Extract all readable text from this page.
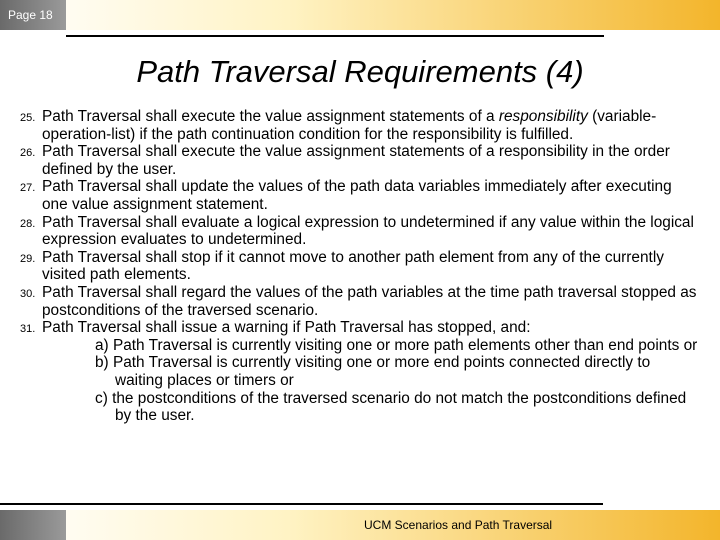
Page 18
Path Traversal Requirements (4)
25. Path Traversal shall execute the value assignment statements of a responsibility (variable-operation-list) if the path continuation condition for the responsibility is fulfilled.
26. Path Traversal shall execute the value assignment statements of a responsibility in the order defined by the user.
27. Path Traversal shall update the values of the path data variables immediately after executing one value assignment statement.
28. Path Traversal shall evaluate a logical expression to undetermined if any value within the logical expression evaluates to undetermined.
29. Path Traversal shall stop if it cannot move to another path element from any of the currently visited path elements.
30. Path Traversal shall regard the values of the path variables at the time path traversal stopped as postconditions of the traversed scenario.
31. Path Traversal shall issue a warning if Path Traversal has stopped, and:
a) Path Traversal is currently visiting one or more path elements other than end points or
b) Path Traversal is currently visiting one or more end points connected directly to waiting places or timers or
c) the postconditions of the traversed scenario do not match the postconditions defined by the user.
UCM Scenarios and Path Traversal
